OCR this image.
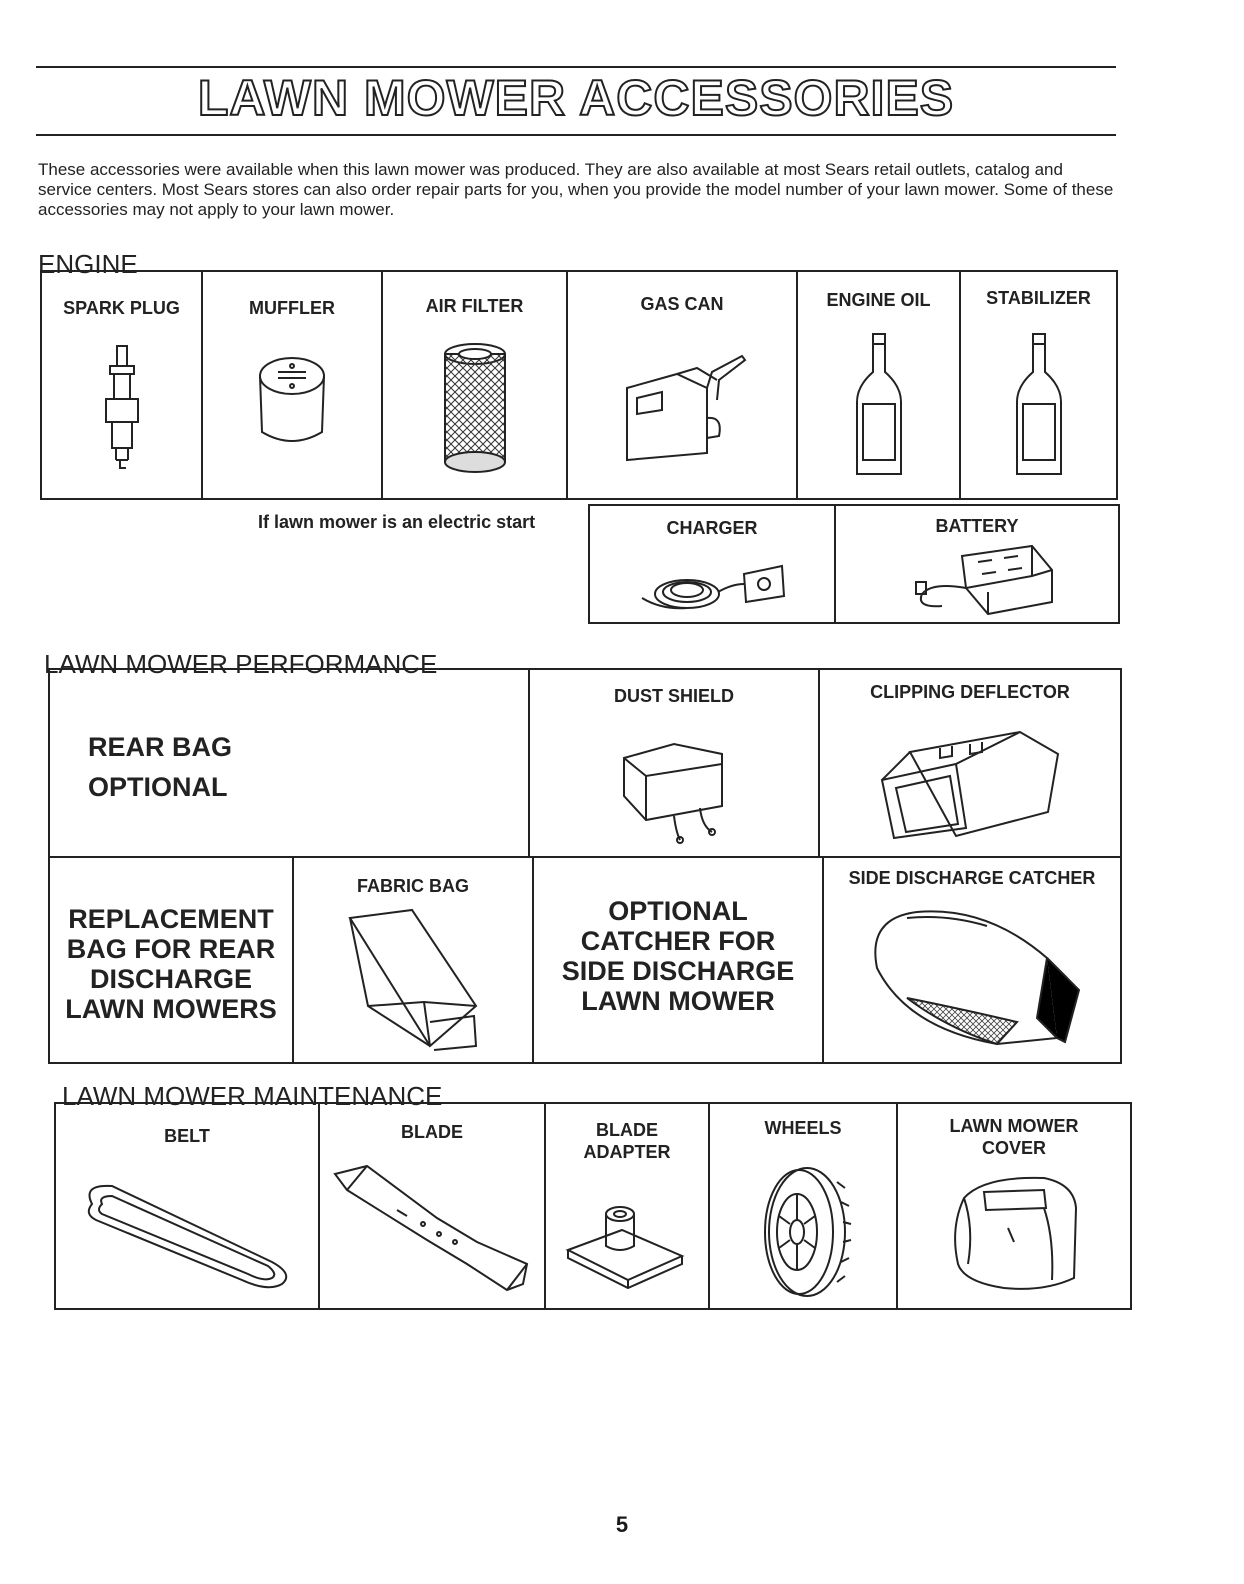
LAWN MOWER ACCESSORIES
These accessories were available when this lawn mower was produced. They are also available at most Sears retail outlets, catalog and service centers. Most Sears stores can also order repair parts for you, when you provide the model number of your lawn mower. Some of these accessories may not apply to your lawn mower.
ENGINE
SPARK PLUG	MUFFLER	AIR FILTER	GAS CAN	ENGINE OIL	STABILIZER
If lawn mower is an electric start	CHARGER	BATTERY
LAWN MOWER PERFORMANCE
REAR BAG
OPTIONAL
DUST SHIELD	CLIPPING DEFLECTOR
REPLACEMENT
BAG FOR REAR
DISCHARGE
LAWN MOWERS
FABRIC BAG
OPTIONAL
CATCHER FOR
SIDE DISCHARGE
LAWN MOWER
SIDE DISCHARGE CATCHER
LAWN MOWER MAINTENANCE
BELT	BLADE	BLADE
ADAPTER
WHEELS	LAWN MOWER
COVER
5
